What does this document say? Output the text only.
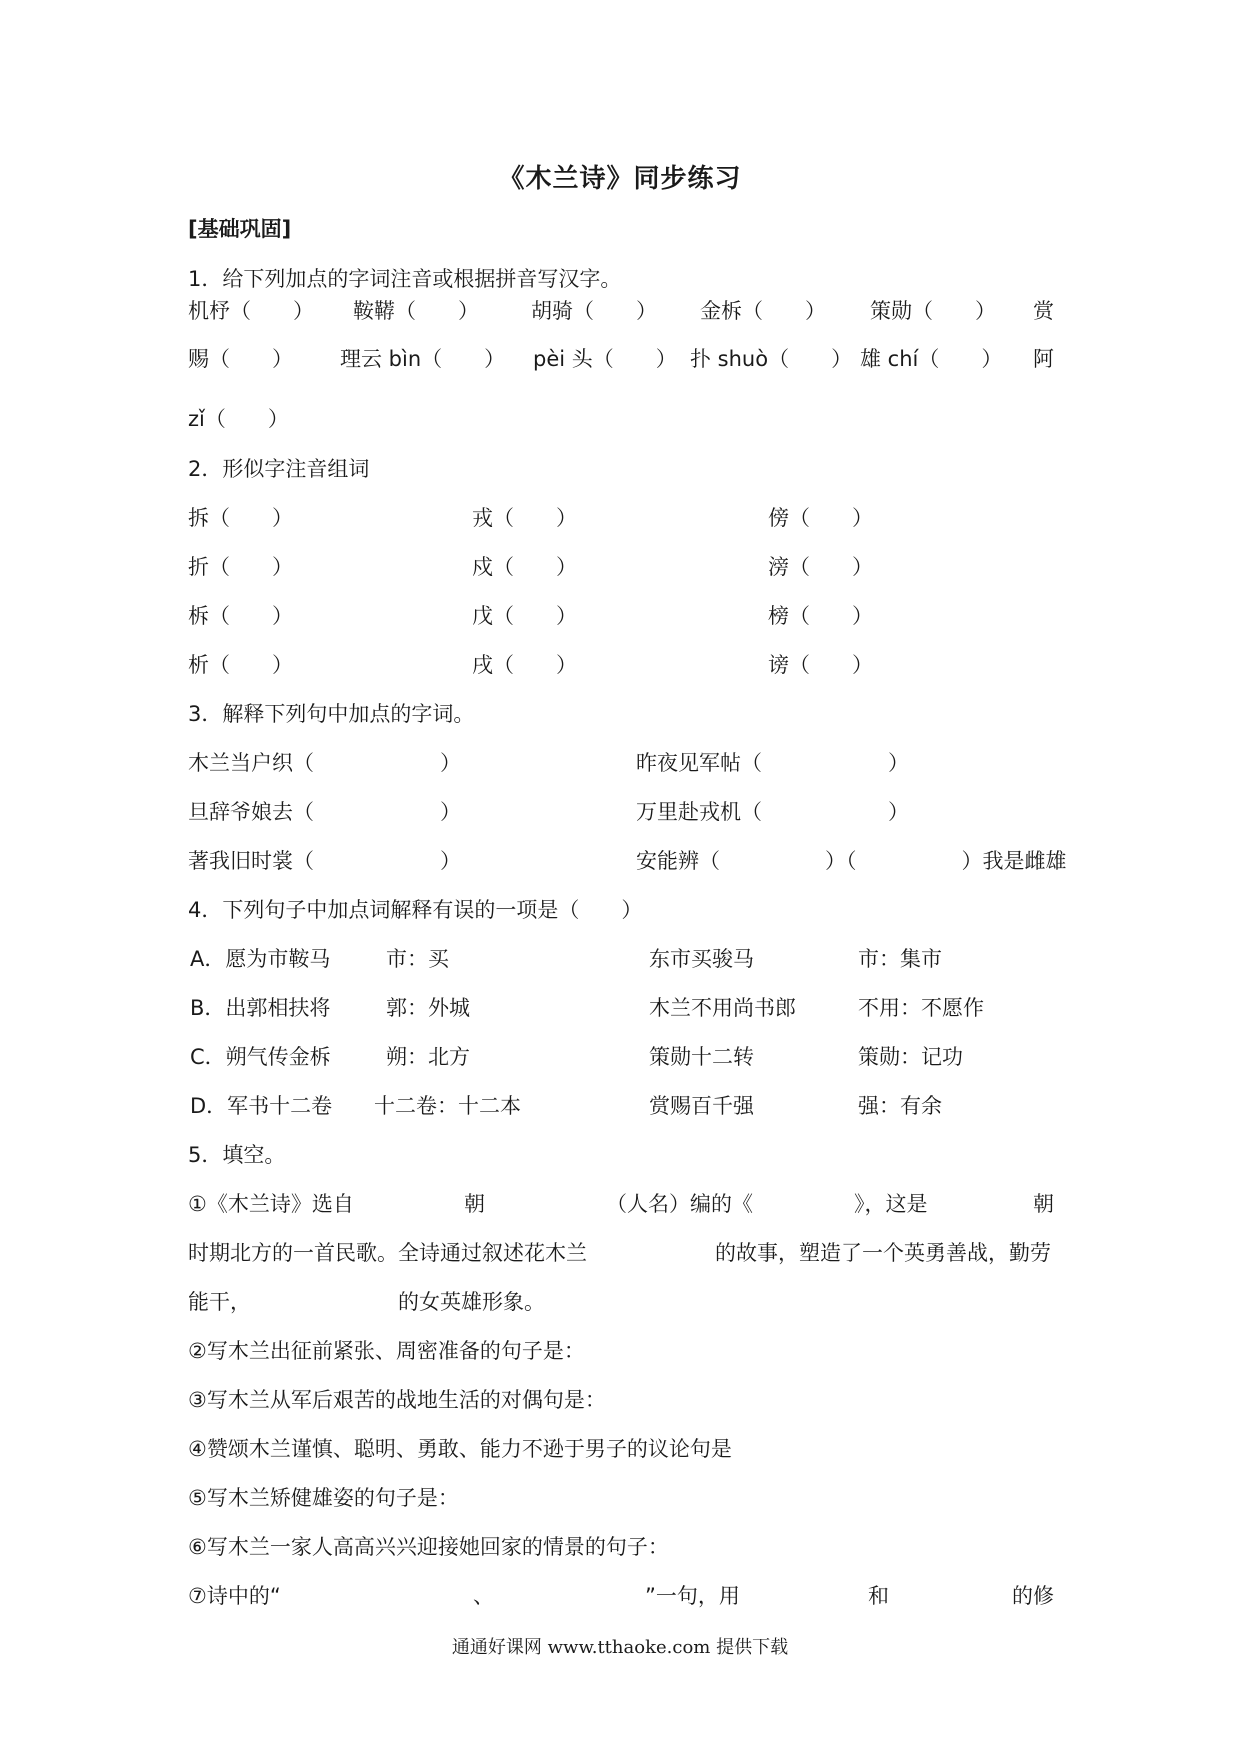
《木兰诗》同步练习
[基础巩固]
1．给下列加点的字词注音或根据拼音写汉字。
机杼（　　） 鞍鞯（　　） 胡骑（　　） 金柝（　　） 策勋（　　） 赏
赐（　　） 理云 bìn（　　） pèi 头（　　） 扑 shuò（　　） 雄 chí（　　） 阿
zǐ（　　）
2．形似字注音组词
拆（　　）	戎（　　）	傍（　　）
折（　　）	戍（　　）	滂（　　）
柝（　　）	戊（　　）	榜（　　）
析（　　）	戌（　　）	谤（　　）
3．解释下列句中加点的字词。
木兰当户织（　　　　　　）	昨夜见军帖（　　　　　　）
旦辞爷娘去（　　　　　　）	万里赴戎机（　　　　　　）
著我旧时裳（　　　　　　）	安能辨（　　　　　）（　　　　　）我是雌雄
4．下列句子中加点词解释有误的一项是（　　）
A．愿为市鞍马	市：买	东市买骏马	市：集市
B．出郭相扶将	郭：外城	木兰不用尚书郎	不用：不愿作
C．朔气传金柝	朔：北方	策勋十二转	策勋：记功
D．军书十二卷 十二卷：十二本	赏赐百千强	强：有余
5．填空。
①《木兰诗》选自	朝	（人名）编的《	》，这是	朝
时期北方的一首民歌。全诗通过叙述花木兰	的故事，塑造了一个英勇善战，勤劳
能干，	的女英雄形象。
②写木兰出征前紧张、周密准备的句子是：
③写木兰从军后艰苦的战地生活的对偶句是：
④赞颂木兰谨慎、聪明、勇敢、能力不逊于男子的议论句是
⑤写木兰矫健雄姿的句子是：
⑥写木兰一家人高高兴兴迎接她回家的情景的句子：
⑦诗中的“	、	”一句，用	和	的修
通通好课网 www.tthaoke.com 提供下载
